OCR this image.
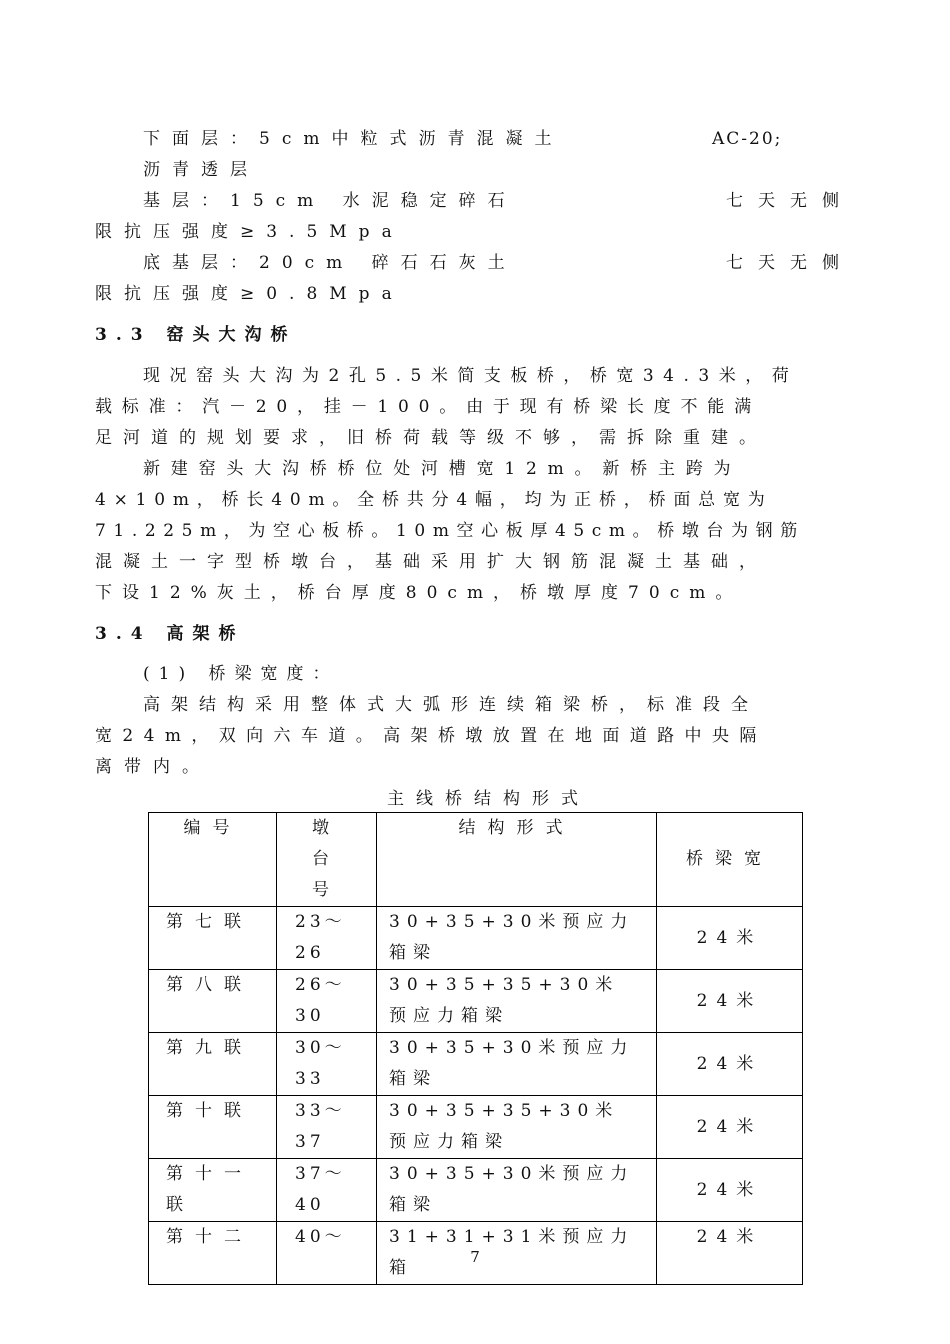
下面层：5cm中粒式沥青混凝土	AC-20;
沥青透层
基层：15cm 水泥稳定碎石	七天无侧
限抗压强度≥3.5Mpa
底基层：20cm 碎石石灰土	七天无侧
限抗压强度≥0.8Mpa
3.3 窑头大沟桥
现况窑头大沟为2孔5.5米简支板桥，桥宽34.3米，荷
载标准：汽－20，挂－100。由于现有桥梁长度不能满
足河道的规划要求，旧桥荷载等级不够，需拆除重建。
新建窑头大沟桥桥位处河槽宽12m。新桥主跨为
4×10m，桥长40m。全桥共分4幅，均为正桥，桥面总宽为
71.225m，为空心板桥。10m空心板厚45cm。桥墩台为钢筋
混凝土一字型桥墩台，基础采用扩大钢筋混凝土基础，
下设12%灰土，桥台厚度80cm，桥墩厚度70cm。
3.4 高架桥
(1) 桥梁宽度：
高架结构采用整体式大弧形连续箱梁桥，标准段全
宽24m，双向六车道。高架桥墩放置在地面道路中央隔
离带内。
主线桥结构形式
编号	墩台号	结构形式	桥梁宽

第七联	23～26	30+35+30米预应力箱梁	24米

第八联	26～30	30+35+35+30米预应力箱梁	24米

第九联	30～33	30+35+30米预应力箱梁	24米

第十联	33～37	30+35+35+30米预应力箱梁	24米

第十一联	37～40	30+35+30米预应力箱梁	24米

第十二	40～	31+31+31米预应力箱	24米
7
